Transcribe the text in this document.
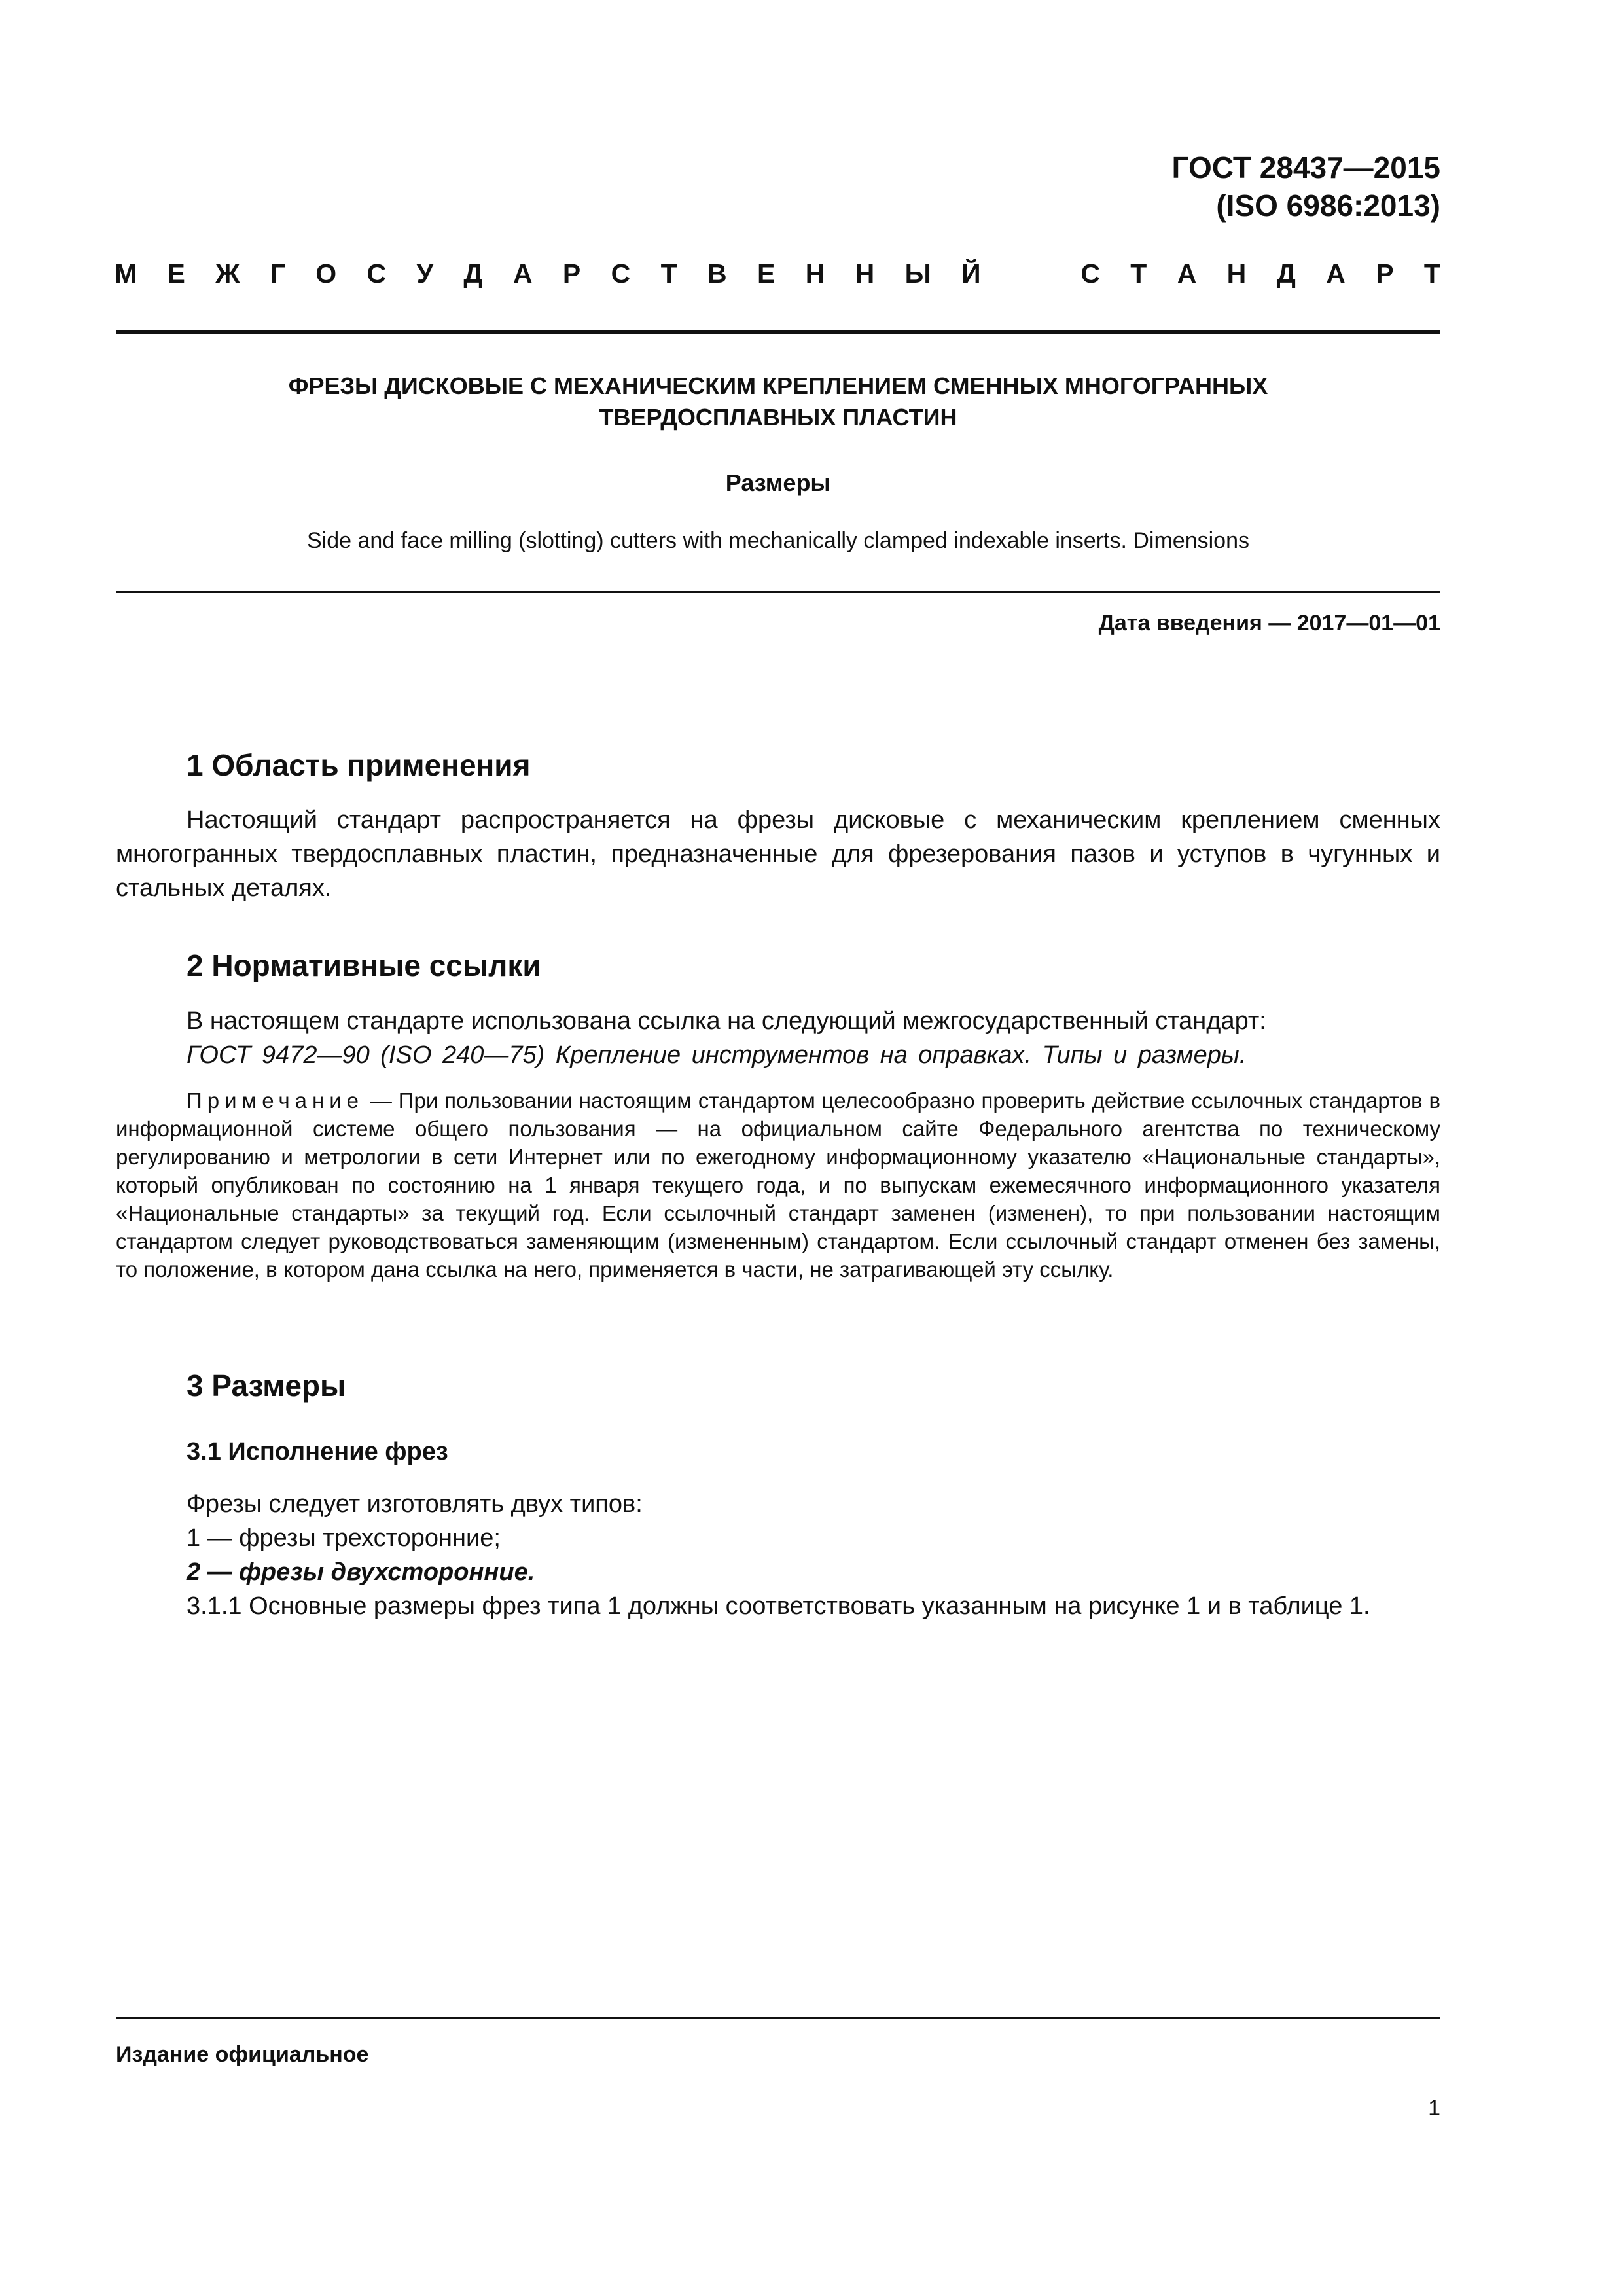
ГОСТ 28437—2015
(ISO 6986:2013)
М Е Ж Г О С У Д А Р С Т В Е Н Н Ы Й	С Т А Н Д А Р Т
ФРЕЗЫ ДИСКОВЫЕ С МЕХАНИЧЕСКИМ КРЕПЛЕНИЕМ СМЕННЫХ МНОГОГРАННЫХ
ТВЕРДОСПЛАВНЫХ ПЛАСТИН
Размеры
Side and face milling (slotting) cutters with mechanically clamped indexable inserts. Dimensions
Дата введения — 2017—01—01
1 Область применения
Настоящий стандарт распространяется на фрезы дисковые с механическим креплением сменных многогранных твердосплавных пластин, предназначенные для фрезерования пазов и уступов в чугунных и стальных деталях.
2 Нормативные ссылки
В настоящем стандарте использована ссылка на следующий межгосударственный стандарт:
ГОСТ 9472—90 (ISO 240—75) Крепление инструментов на оправках. Типы и размеры.
Примечание — При пользовании настоящим стандартом целесообразно проверить действие ссылочных стандартов в информационной системе общего пользования — на официальном сайте Федерального агентства по техническому регулированию и метрологии в сети Интернет или по ежегодному информационному указателю «Национальные стандарты», который опубликован по состоянию на 1 января текущего года, и по выпускам ежемесячного информационного указателя «Национальные стандарты» за текущий год. Если ссылочный стандарт заменен (изменен), то при пользовании настоящим стандартом следует руководствоваться заменяющим (измененным) стандартом. Если ссылочный стандарт отменен без замены, то положение, в котором дана ссылка на него, применяется в части, не затрагивающей эту ссылку.
3 Размеры
3.1 Исполнение фрез
Фрезы следует изготовлять двух типов:
1 — фрезы трехсторонние;
2 — фрезы двухсторонние.
3.1.1 Основные размеры фрез типа 1 должны соответствовать указанным на рисунке 1 и в таблице 1.
Издание официальное
1
